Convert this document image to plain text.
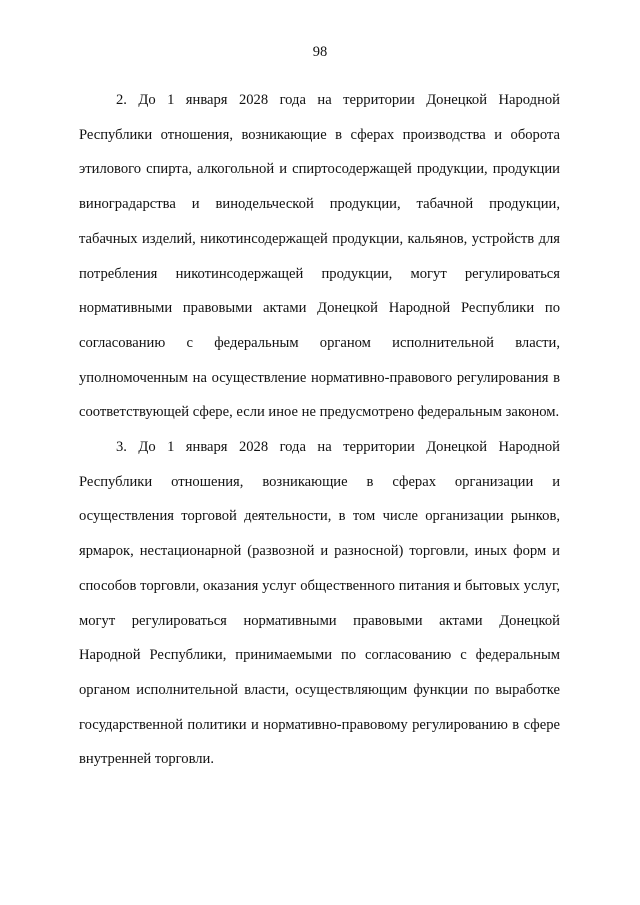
98

2. До 1 января 2028 года на территории Донецкой Народной Республики отношения, возникающие в сферах производства и оборота этилового спирта, алкогольной и спиртосодержащей продукции, продукции виноградарства и винодельческой продукции, табачной продукции, табачных изделий, никотинсодержащей продукции, кальянов, устройств для потребления никотинсодержащей продукции, могут регулироваться нормативными правовыми актами Донецкой Народной Республики по согласованию с федеральным органом исполнительной власти, уполномоченным на осуществление нормативно-правового регулирования в соответствующей сфере, если иное не предусмотрено федеральным законом.

3. До 1 января 2028 года на территории Донецкой Народной Республики отношения, возникающие в сферах организации и осуществления торговой деятельности, в том числе организации рынков, ярмарок, нестационарной (развозной и разносной) торговли, иных форм и способов торговли, оказания услуг общественного питания и бытовых услуг, могут регулироваться нормативными правовыми актами Донецкой Народной Республики, принимаемыми по согласованию с федеральным органом исполнительной власти, осуществляющим функции по выработке государственной политики и нормативно-правовому регулированию в сфере внутренней торговли.
